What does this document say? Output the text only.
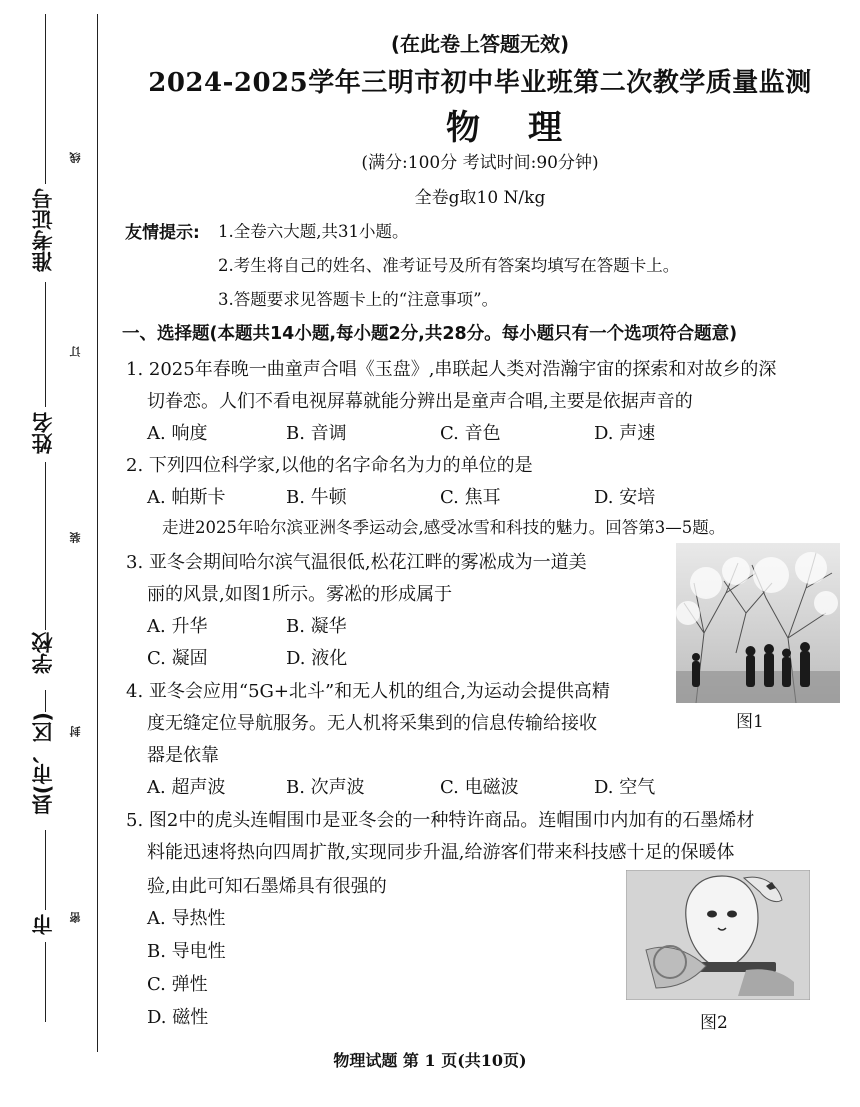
准考证号
姓名
学校
县(市、区)
市
线
订
装
封
密
(在此卷上答题无效)
2024-2025学年三明市初中毕业班第二次教学质量监测
物理
(满分:100分 考试时间:90分钟)
全卷g取10 N/kg
友情提示: 1.全卷六大题,共31小题。
2.考生将自己的姓名、准考证号及所有答案均填写在答题卡上。
3.答题要求见答题卡上的“注意事项”。
一、选择题(本题共14小题,每小题2分,共28分。每小题只有一个选项符合题意)
1. 2025年春晚一曲童声合唱《玉盘》,串联起人类对浩瀚宇宙的探索和对故乡的深
切眷恋。人们不看电视屏幕就能分辨出是童声合唱,主要是依据声音的
A. 响度	B. 音调	C. 音色	D. 声速
2. 下列四位科学家,以他的名字命名为力的单位的是
A. 帕斯卡	B. 牛顿	C. 焦耳	D. 安培
走进2025年哈尔滨亚洲冬季运动会,感受冰雪和科技的魅力。回答第3—5题。
3. 亚冬会期间哈尔滨气温很低,松花江畔的雾凇成为一道美
丽的风景,如图1所示。雾凇的形成属于
A. 升华	B. 凝华
C. 凝固	D. 液化
图1
4. 亚冬会应用“5G+北斗”和无人机的组合,为运动会提供高精
度无缝定位导航服务。无人机将采集到的信息传输给接收
器是依靠
A. 超声波	B. 次声波	C. 电磁波	D. 空气
5. 图2中的虎头连帽围巾是亚冬会的一种特许商品。连帽围巾内加有的石墨烯材
料能迅速将热向四周扩散,实现同步升温,给游客们带来科技感十足的保暖体
验,由此可知石墨烯具有很强的
A. 导热性
B. 导电性
C. 弹性
D. 磁性	图2
物理试题 第 1 页(共10页)
